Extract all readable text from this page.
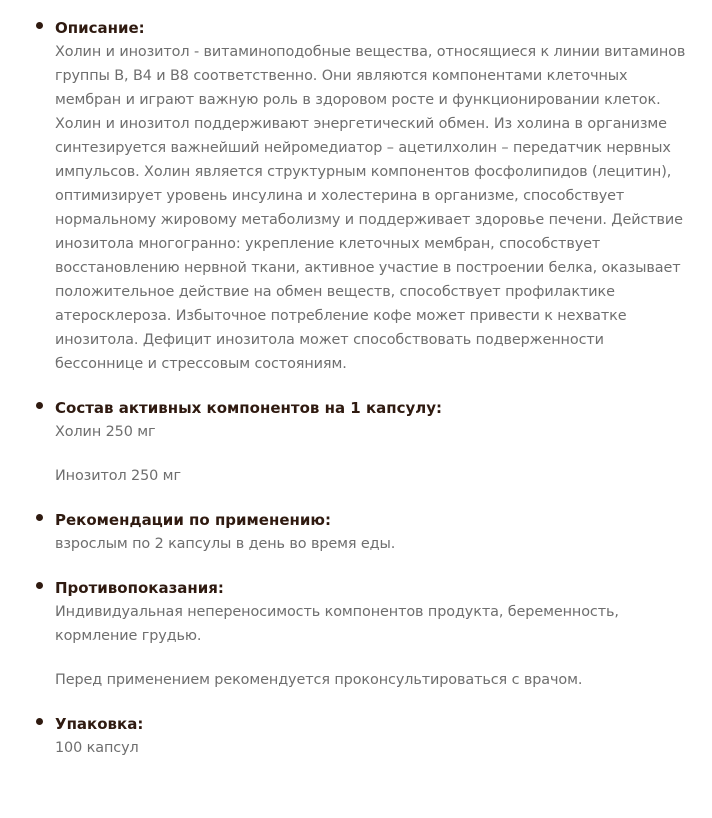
Описание:

Холин и инозитол - витаминоподобные вещества, относящиеся к линии витаминов группы В, В4 и В8 соответственно. Они являются компонентами клеточных мембран и играют важную роль в здоровом росте и функционировании клеток. Холин и инозитол поддерживают энергетический обмен. Из холина в организме синтезируется важнейший нейромедиатор – ацетилхолин – передатчик нервных импульсов. Холин является структурным компонентов фосфолипидов (лецитин), оптимизирует уровень инсулина и холестерина в организме, способствует нормальному жировому метаболизму и поддерживает здоровье печени. Действие инозитола многогранно: укрепление клеточных мембран, способствует восстановлению нервной ткани, активное участие в построении белка, оказывает положительное действие на обмен веществ, способствует профилактике атеросклероза. Избыточное потребление кофе может привести к нехватке инозитола. Дефицит инозитола может способствовать подверженности бессоннице и стрессовым состояниям.

Состав активных компонентов на 1 капсулу:

Холин 250 мг

Инозитол 250 мг

Рекомендации по применению:

взрослым по 2 капсулы в день во время еды.

Противопоказания:

Индивидуальная непереносимость компонентов продукта, беременность, кормление грудью.

Перед применением рекомендуется проконсультироваться с врачом.

Упаковка:

100 капсул
